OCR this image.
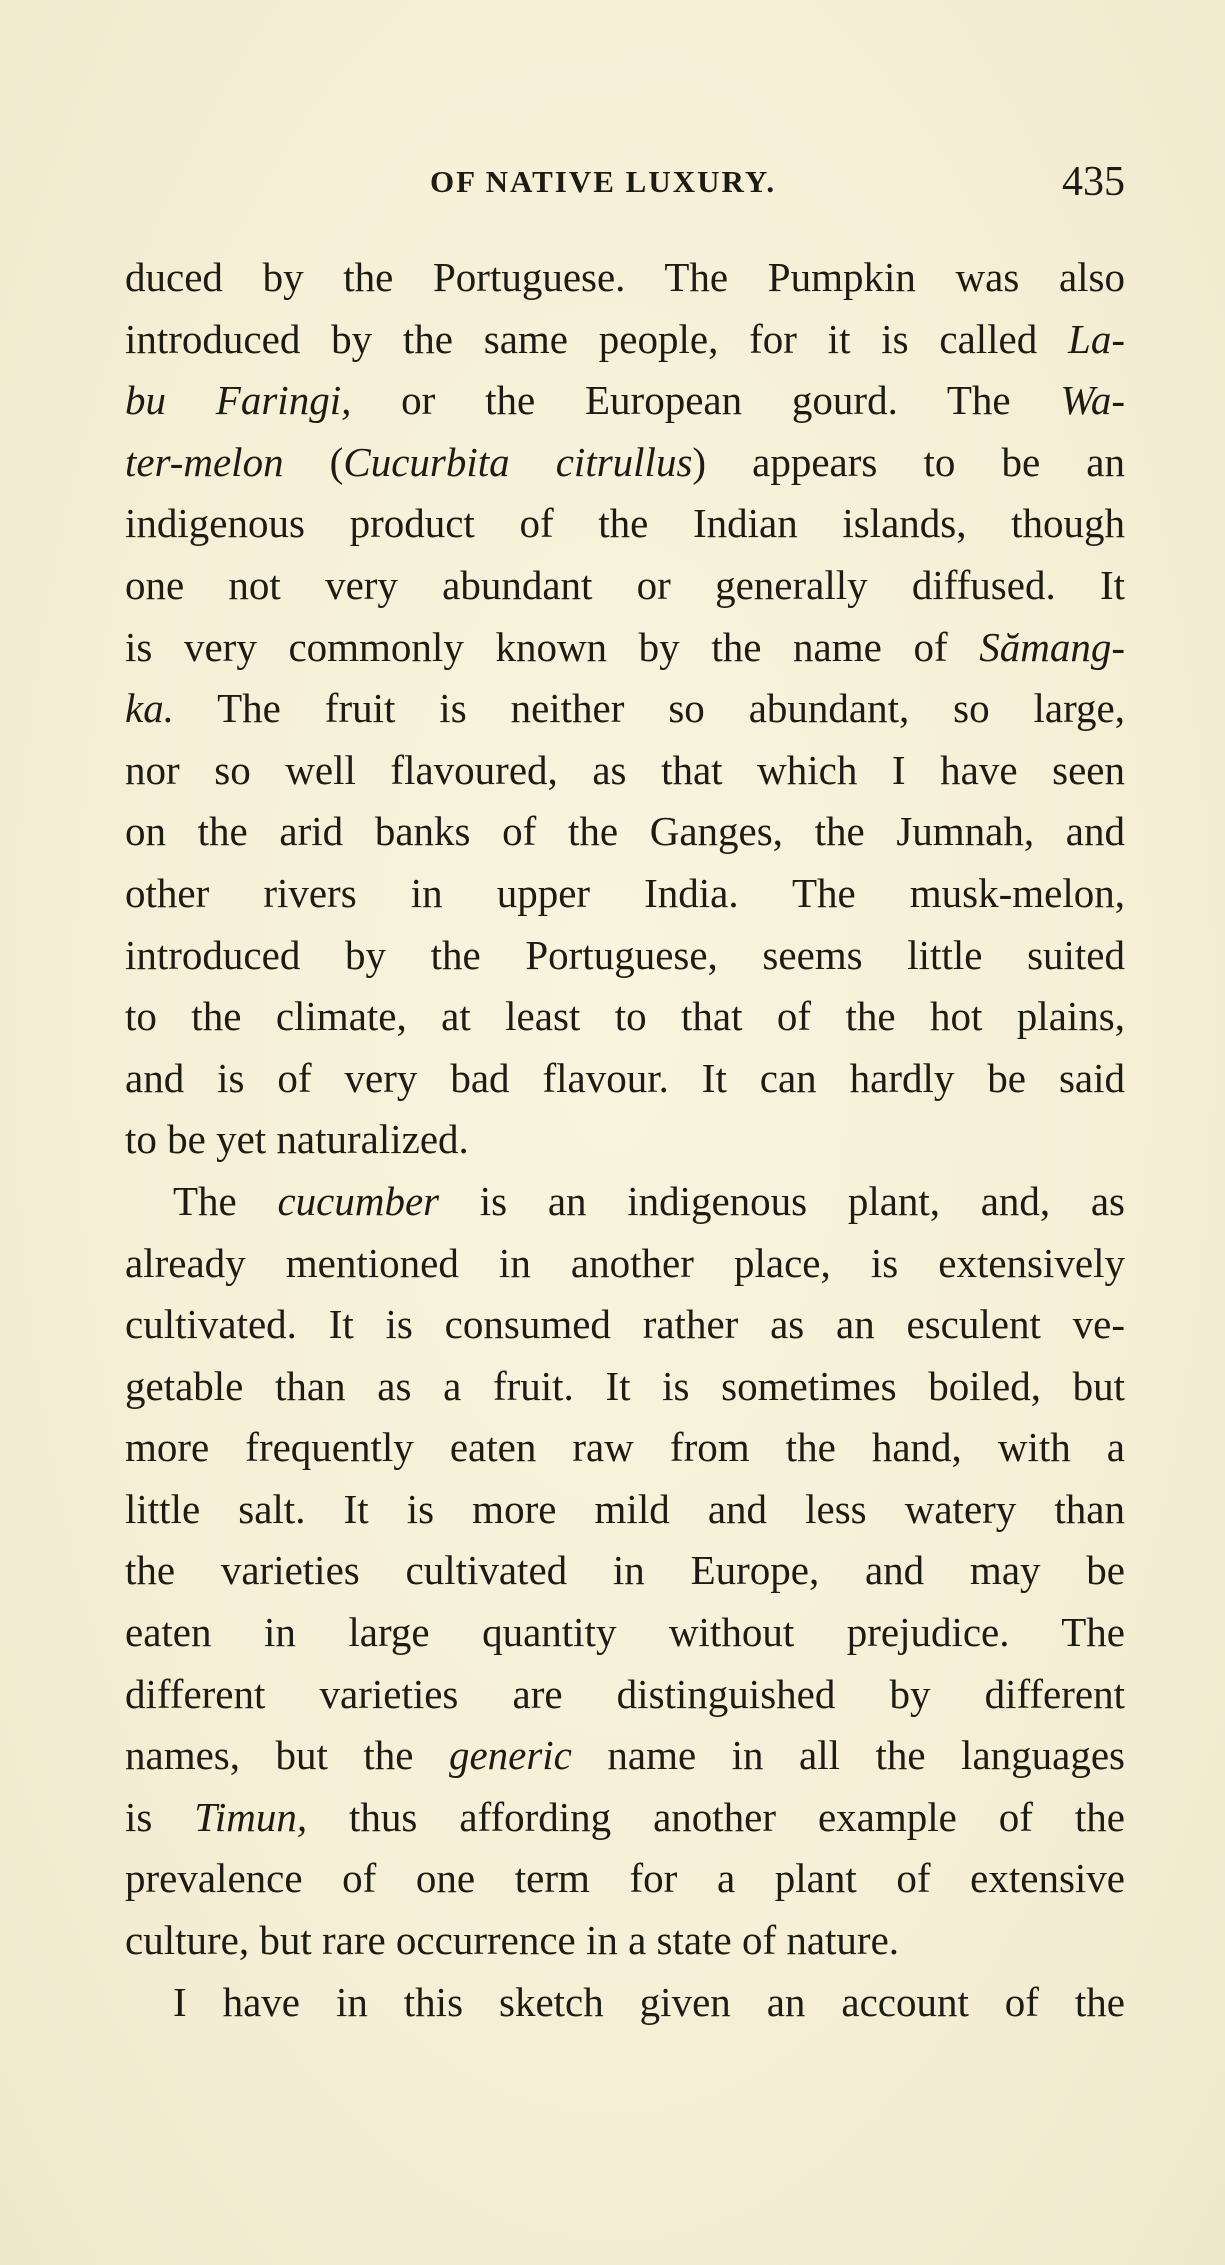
OF NATIVE LUXURY.	435
duced by the Portuguese. The Pumpkin was also
introduced by the same people, for it is called La-
bu Faringi, or the European gourd. The Wa-
ter-melon (Cucurbita citrullus) appears to be an
indigenous product of the Indian islands, though
one not very abundant or generally diffused. It
is very commonly known by the name of Sămang-
ka. The fruit is neither so abundant, so large,
nor so well flavoured, as that which I have seen
on the arid banks of the Ganges, the Jumnah, and
other rivers in upper India. The musk-melon,
introduced by the Portuguese, seems little suited
to the climate, at least to that of the hot plains,
and is of very bad flavour. It can hardly be said
to be yet naturalized.
The cucumber is an indigenous plant, and, as
already mentioned in another place, is extensively
cultivated. It is consumed rather as an esculent ve-
getable than as a fruit. It is sometimes boiled, but
more frequently eaten raw from the hand, with a
little salt. It is more mild and less watery than
the varieties cultivated in Europe, and may be
eaten in large quantity without prejudice. The
different varieties are distinguished by different
names, but the generic name in all the languages
is Timun, thus affording another example of the
prevalence of one term for a plant of extensive
culture, but rare occurrence in a state of nature.
I have in this sketch given an account of the
